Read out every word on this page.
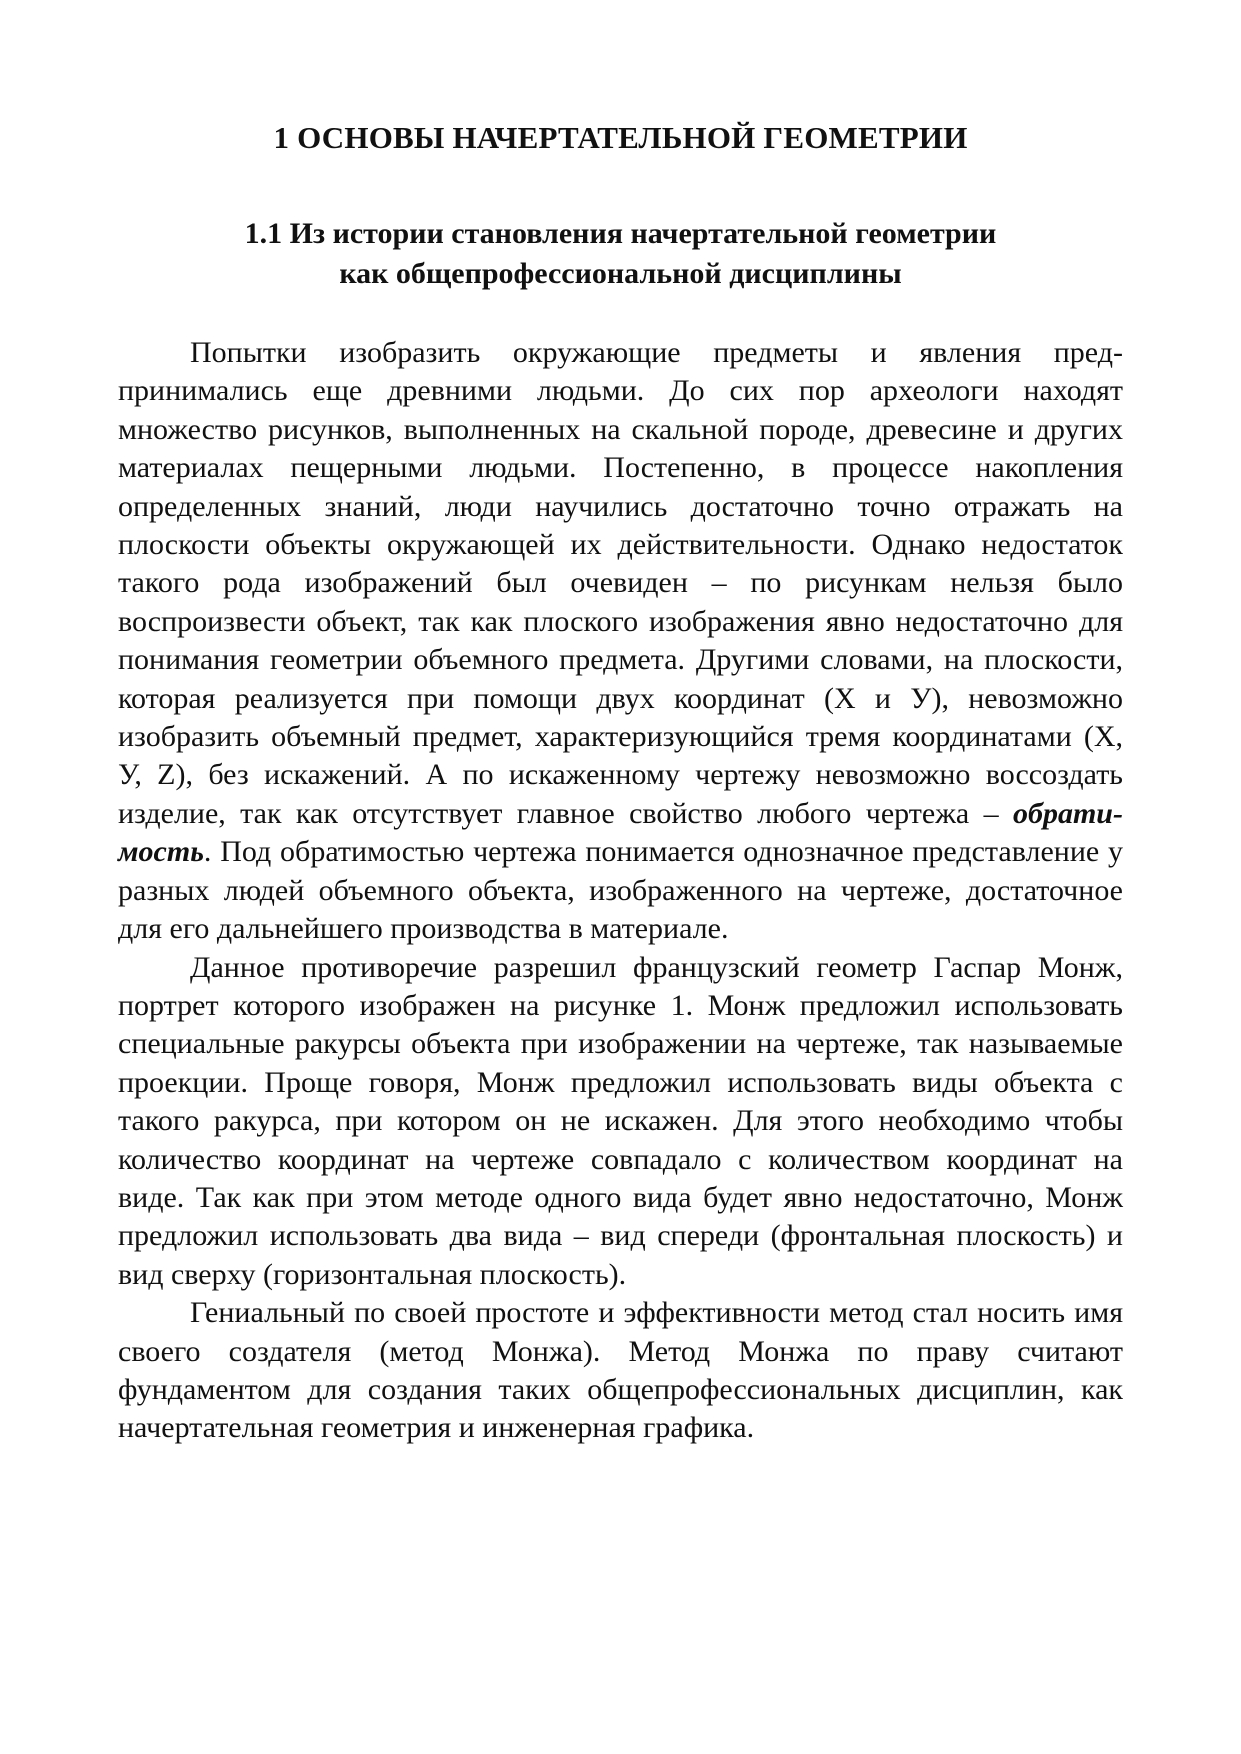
1 ОСНОВЫ НАЧЕРТАТЕЛЬНОЙ ГЕОМЕТРИИ
1.1 Из истории становления начертательной геометрии
как общепрофессиональной дисциплины

Попытки изобразить окружающие предметы и явления предпринимались еще древними людьми. До сих пор археологи находят множество рисунков, выполненных на скальной породе, древесине и других материалах пещерными людьми. Постепенно, в процессе накопления определенных знаний, люди научились достаточно точно отражать на плоскости объекты окружающей их действительности. Однако недостаток такого рода изображений был очевиден – по рисункам нельзя было воспроизвести объект, так как плоского изображения явно недостаточно для понимания геометрии объемного предмета. Другими словами, на плоскости, которая реализуется при помощи двух координат (Х и У), невозможно изобразить объемный предмет, характеризующийся тремя координатами (Х, У, Z), без искажений. А по искаженному чертежу невозможно воссоздать изделие, так как отсутствует главное свойство любого чертежа – обратимость. Под обратимостью чертежа понимается однозначное представление у разных людей объемного объекта, изображенного на чертеже, достаточное для его дальнейшего производства в материале.

Данное противоречие разрешил французский геометр Гаспар Монж, портрет которого изображен на рисунке 1. Монж предложил использовать специальные ракурсы объекта при изображении на чертеже, так называемые проекции. Проще говоря, Монж предложил использовать виды объекта с такого ракурса, при котором он не искажен. Для этого необходимо чтобы количество координат на чертеже совпадало с количеством координат на виде. Так как при этом методе одного вида будет явно недостаточно, Монж предложил использовать два вида – вид спереди (фронтальная плоскость) и вид сверху (горизонтальная плоскость).

Гениальный по своей простоте и эффективности метод стал носить имя своего создателя (метод Монжа). Метод Монжа по праву считают фундаментом для создания таких общепрофессиональных дисциплин, как начертательная геометрия и инженерная графика.
